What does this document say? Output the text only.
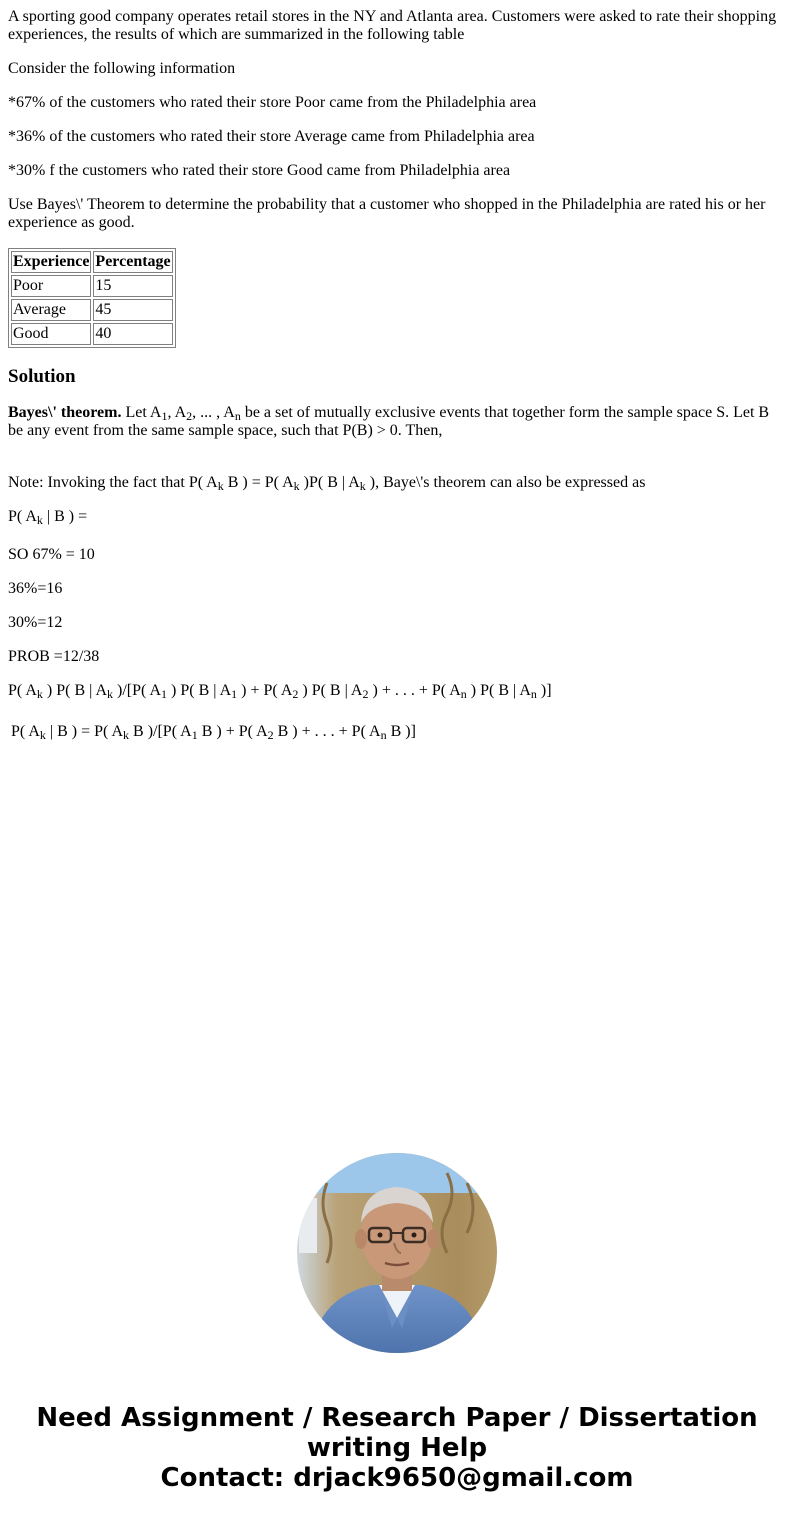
A sporting good company operates retail stores in the NY and Atlanta area. Customers were asked to rate their shopping experiences, the results of which are summarized in the following table

Consider the following information

*67% of the customers who rated their store Poor came from the Philadelphia area

*36% of the customers who rated their store Average came from Philadelphia area

*30% f the customers who rated their store Good came from Philadelphia area

Use Bayes\' Theorem to determine the probability that a customer who shopped in the Philadelphia are rated his or her experience as good.

Experience	Percentage
Poor	15
Average	45
Good	40
Solution

Bayes\' theorem. Let $A_1$, $A_2$, ... , $A_n$ be a set of mutually exclusive events that together form the sample space S. Let B be any event from the same sample space, such that P(B) > 0. Then,

Note: Invoking the fact that P( $A_k$ B ) = P( $A_k$ )P( B | $A_k$ ), Baye\'s theorem can also be expressed as

P( $A_k$ | B ) =

SO 67% = 10

36%=16

30%=12

PROB =12/38

P( $A_k$ ) P( B | $A_k$ )/[P( $A_1$ ) P( B | $A_1$ ) + P( $A_2$ ) P( B | $A_2$ ) + . . . + P( $A_n$ ) P( B | $A_n$ )]

P( $A_k$ | B ) = P( $A_k$ B )/[P( $A_1$ B ) + P( $A_2$ B ) + . . . + P( $A_n$ B )]

Need Assignment / Research Paper / Dissertation
writing Help
Contact: drjack9650@gmail.com
